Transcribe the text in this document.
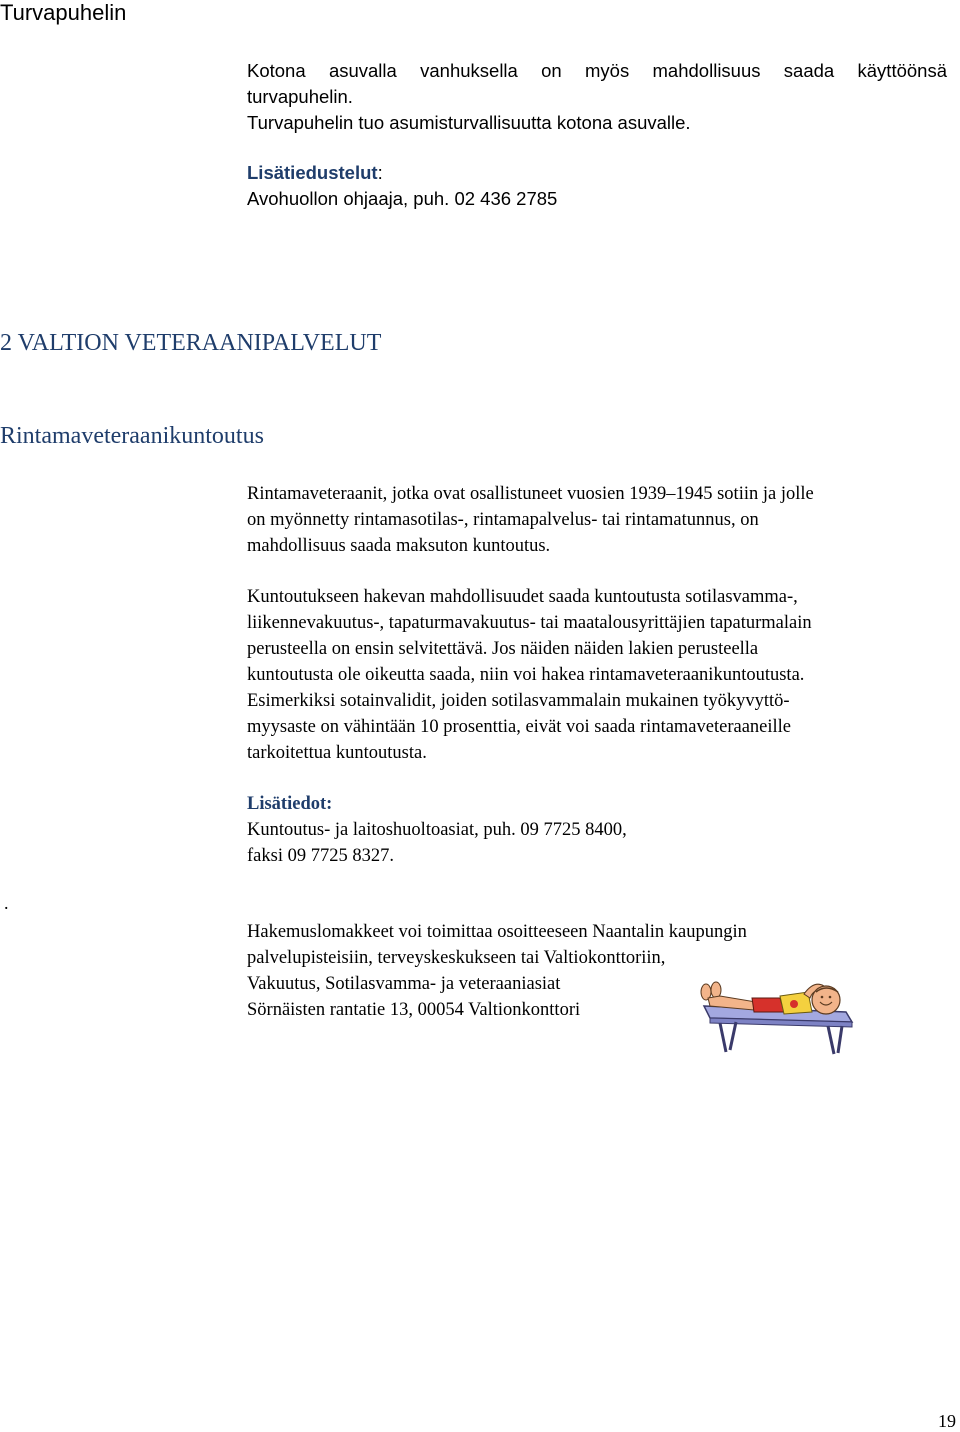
Turvapuhelin

Kotona asuvalla vanhuksella on myös mahdollisuus saada käyttöönsä

turvapuhelin.

Turvapuhelin tuo asumisturvallisuutta kotona asuvalle.

Lisätiedustelut:

Avohuollon ohjaaja, puh. 02 436 2785

2 VALTION VETERAANIPALVELUT
Rintamaveteraanikuntoutus

Rintamaveteraanit, jotka ovat osallistuneet vuosien 1939–1945 sotiin ja jolle

on myönnetty rintamasotilas-, rintamapalvelus- tai rintamatunnus, on

mahdollisuus saada maksuton kuntoutus.

Kuntoutukseen hakevan mahdollisuudet saada kuntoutusta sotilasvamma-,

liikennevakuutus-, tapaturmavakuutus- tai maatalousyrittäjien tapaturmalain

perusteella on ensin selvitettävä. Jos näiden näiden lakien perusteella

kuntoutusta ole oikeutta saada, niin voi hakea rintamaveteraanikuntoutusta.

Esimerkiksi sotainvalidit, joiden sotilasvammalain mukainen työkyvyttö-

myysaste on vähintään 10 prosenttia, eivät voi saada rintamaveteraaneille

tarkoitettua kuntoutusta.

Lisätiedot:

Kuntoutus- ja laitoshuoltoasiat, puh. 09 7725 8400,

faksi 09 7725 8327.

.

Hakemuslomakkeet voi toimittaa osoitteeseen Naantalin kaupungin

palvelupisteisiin, terveyskeskukseen tai Valtiokonttoriin,

Vakuutus, Sotilasvamma- ja veteraaniasiat

Sörnäisten rantatie 13, 00054 Valtionkonttori

19
